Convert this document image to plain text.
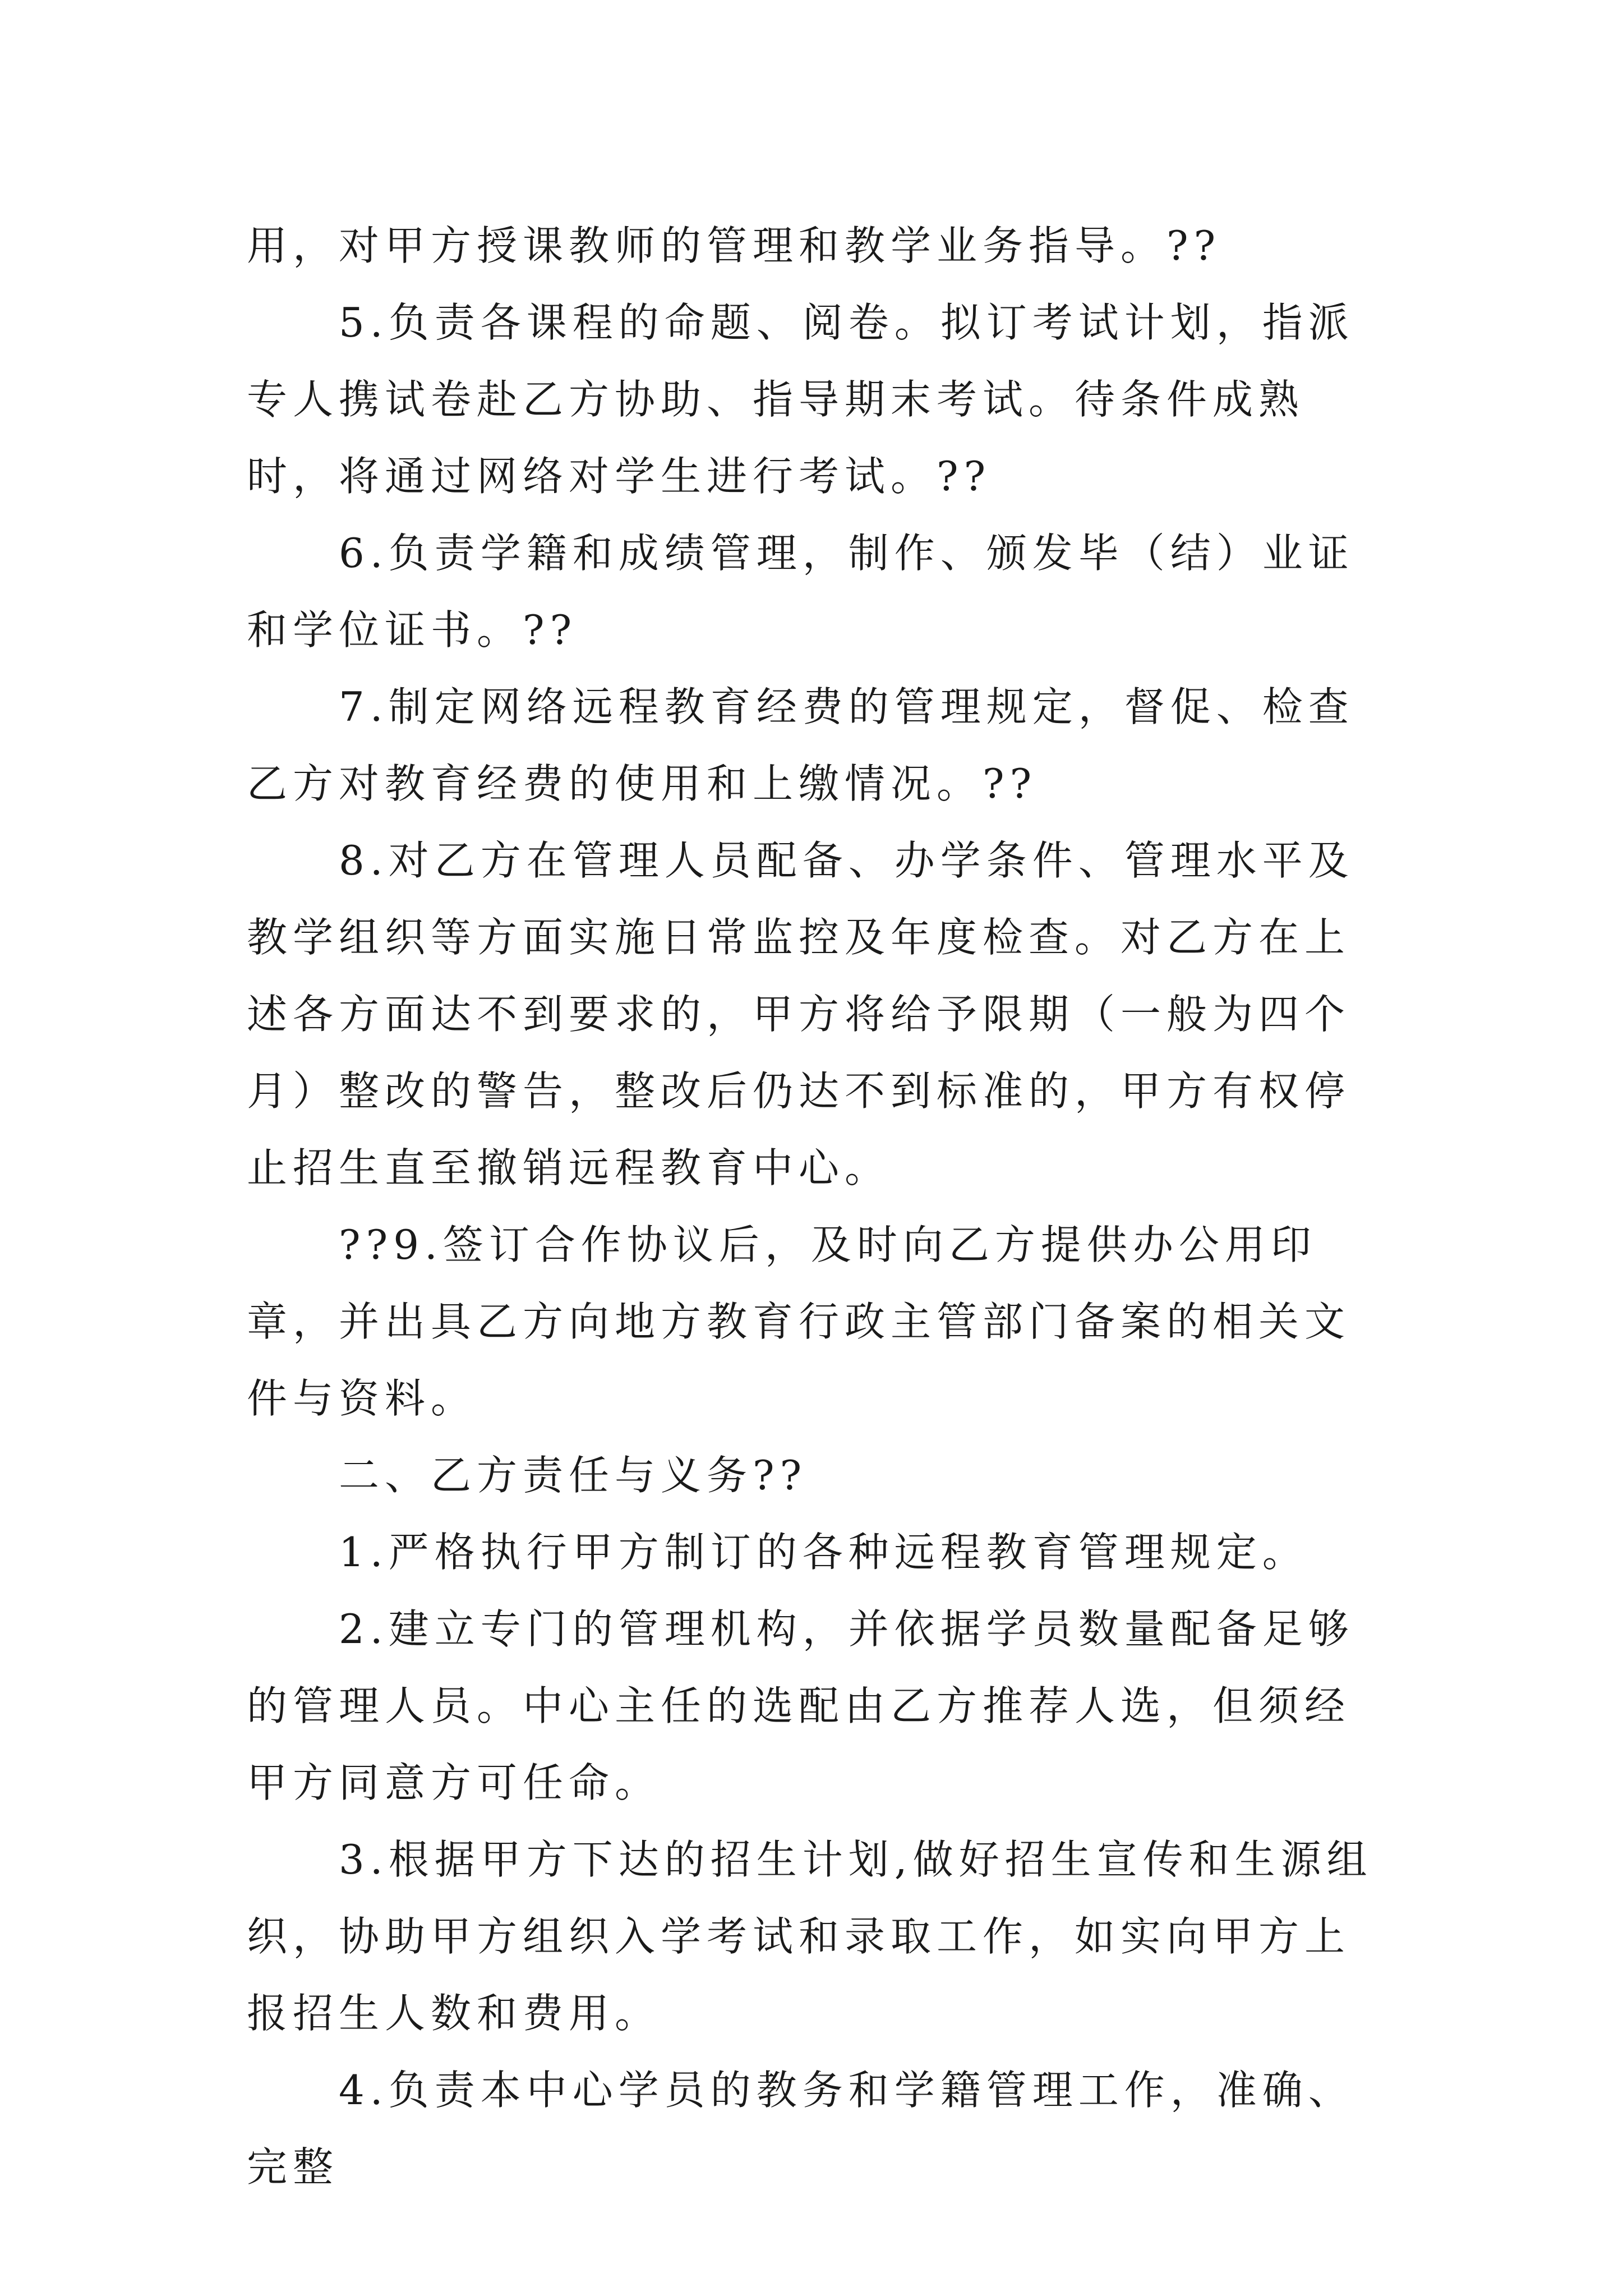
用，对甲方授课教师的管理和教学业务指导。??

5.负责各课程的命题、阅卷。拟订考试计划，指派专人携试卷赴乙方协助、指导期末考试。待条件成熟时，将通过网络对学生进行考试。??

6.负责学籍和成绩管理，制作、颁发毕（结）业证和学位证书。??

7.制定网络远程教育经费的管理规定，督促、检查乙方对教育经费的使用和上缴情况。??

8.对乙方在管理人员配备、办学条件、管理水平及教学组织等方面实施日常监控及年度检查。对乙方在上述各方面达不到要求的，甲方将给予限期（一般为四个月）整改的警告，整改后仍达不到标准的，甲方有权停止招生直至撤销远程教育中心。

??9.签订合作协议后，及时向乙方提供办公用印章，并出具乙方向地方教育行政主管部门备案的相关文件与资料。

二、乙方责任与义务??

1.严格执行甲方制订的各种远程教育管理规定。

2.建立专门的管理机构，并依据学员数量配备足够的管理人员。中心主任的选配由乙方推荐人选，但须经甲方同意方可任命。

3.根据甲方下达的招生计划,做好招生宣传和生源组织，协助甲方组织入学考试和录取工作，如实向甲方上报招生人数和费用。

4.负责本中心学员的教务和学籍管理工作，准确、完整
